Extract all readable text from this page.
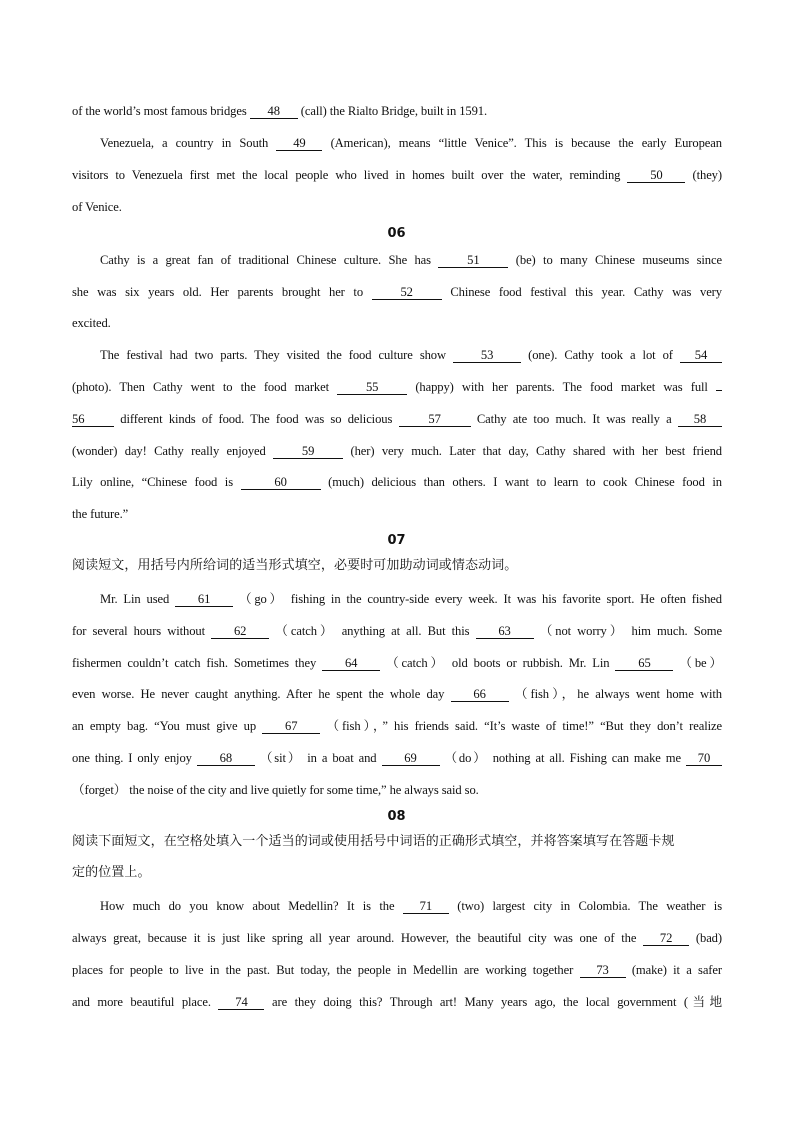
of the world’s most famous bridges 48 (call) the Rialto Bridge, built in 1591.
Venezuela, a country in South 49 (American), means “little Venice”. This is because the early European
visitors to Venezuela first met the local people who lived in homes built over the water, reminding 50 (they)
of Venice.
06
Cathy is a great fan of traditional Chinese culture. She has	51	(be) to many Chinese museums since
she was six years old. Her parents brought her to	52	Chinese food festival this year. Cathy was very
excited.
The festival had two parts. They visited the food culture show	53	(one). Cathy took a lot of 54
(photo). Then Cathy went to the food market	55	(happy) with her parents. The food market was full
56	different kinds of food. The food was so delicious	57	Cathy ate too much. It was really a 58
(wonder) day! Cathy really enjoyed	59	(her) very much. Later that day, Cathy shared with her best friend
Lily online, “Chinese food is	60	(much) delicious than others. I want to learn to cook Chinese food in
the future.”
07
阅读短文，用括号内所给词的适当形式填空，必要时可加助动词或情态动词。
Mr. Lin used 61 （go） fishing in the country-side every week. It was his favorite sport. He often fished
for several hours without 62 （catch） anything at all. But this 63 （not worry） him much. Some
fishermen couldn’t catch fish. Sometimes they 64 （catch） old boots or rubbish. Mr. Lin 65 （be）
even worse. He never caught anything. After he spent the whole day 66 （fish），he always went home with
an empty bag. “You must give up 67 （fish），” his friends said. “It’s waste of time!” “But they don’t realize
one thing. I only enjoy 68 （sit） in a boat and 69 （do） nothing at all. Fishing can make me 70
（forget） the noise of the city and live quietly for some time,” he always said so.
08
阅读下面短文，在空格处填入一个适当的词或使用括号中词语的正确形式填空，并将答案填写在答题卡规
定的位置上。
How much do you know about Medellin? It is the 71 (two) largest city in Colombia. The weather is
always great, because it is just like spring all year around. However, the beautiful city was one of the 72 (bad)
places for people to live in the past. But today, the people in Medellin are working together 73 (make) it a safer
and more beautiful place. 74 are they doing this? Through art! Many years ago, the local government (当地
